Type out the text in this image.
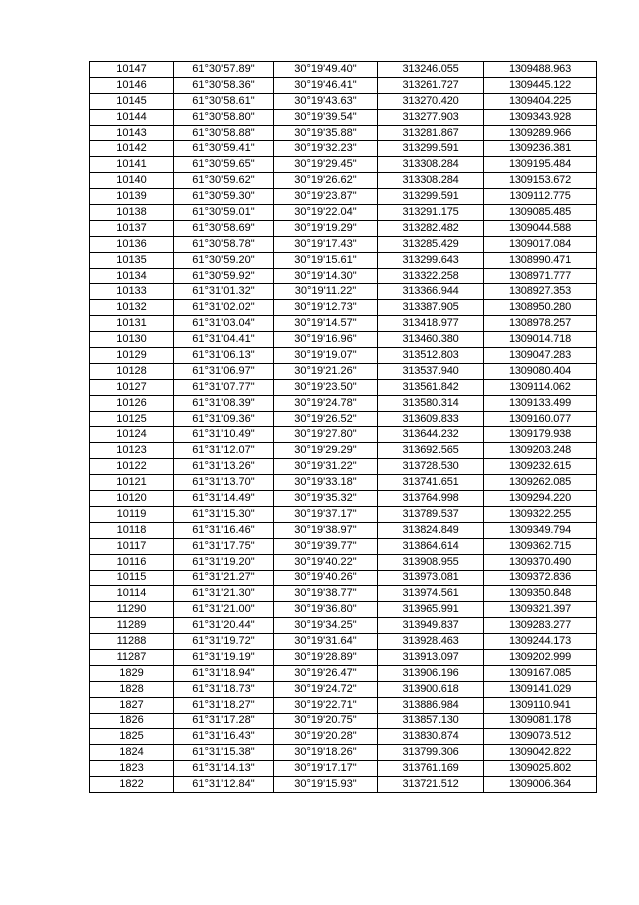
10147	61°30'57.89"	30°19'49.40"	313246.055	1309488.963
10146	61°30'58.36"	30°19'46.41"	313261.727	1309445.122
10145	61°30'58.61"	30°19'43.63"	313270.420	1309404.225
10144	61°30'58.80"	30°19'39.54"	313277.903	1309343.928
10143	61°30'58.88"	30°19'35.88"	313281.867	1309289.966
10142	61°30'59.41"	30°19'32.23"	313299.591	1309236.381
10141	61°30'59.65"	30°19'29.45"	313308.284	1309195.484
10140	61°30'59.62"	30°19'26.62"	313308.284	1309153.672
10139	61°30'59.30"	30°19'23.87"	313299.591	1309112.775
10138	61°30'59.01"	30°19'22.04"	313291.175	1309085.485
10137	61°30'58.69"	30°19'19.29"	313282.482	1309044.588
10136	61°30'58.78"	30°19'17.43"	313285.429	1309017.084
10135	61°30'59.20"	30°19'15.61"	313299.643	1308990.471
10134	61°30'59.92"	30°19'14.30"	313322.258	1308971.777
10133	61°31'01.32"	30°19'11.22"	313366.944	1308927.353
10132	61°31'02.02"	30°19'12.73"	313387.905	1308950.280
10131	61°31'03.04"	30°19'14.57"	313418.977	1308978.257
10130	61°31'04.41"	30°19'16.96"	313460.380	1309014.718
10129	61°31'06.13"	30°19'19.07"	313512.803	1309047.283
10128	61°31'06.97"	30°19'21.26"	313537.940	1309080.404
10127	61°31'07.77"	30°19'23.50"	313561.842	1309114.062
10126	61°31'08.39"	30°19'24.78"	313580.314	1309133.499
10125	61°31'09.36"	30°19'26.52"	313609.833	1309160.077
10124	61°31'10.49"	30°19'27.80"	313644.232	1309179.938
10123	61°31'12.07"	30°19'29.29"	313692.565	1309203.248
10122	61°31'13.26"	30°19'31.22"	313728.530	1309232.615
10121	61°31'13.70"	30°19'33.18"	313741.651	1309262.085
10120	61°31'14.49"	30°19'35.32"	313764.998	1309294.220
10119	61°31'15.30"	30°19'37.17"	313789.537	1309322.255
10118	61°31'16.46"	30°19'38.97"	313824.849	1309349.794
10117	61°31'17.75"	30°19'39.77"	313864.614	1309362.715
10116	61°31'19.20"	30°19'40.22"	313908.955	1309370.490
10115	61°31'21.27"	30°19'40.26"	313973.081	1309372.836
10114	61°31'21.30"	30°19'38.77"	313974.561	1309350.848
11290	61°31'21.00"	30°19'36.80"	313965.991	1309321.397
11289	61°31'20.44"	30°19'34.25"	313949.837	1309283.277
11288	61°31'19.72"	30°19'31.64"	313928.463	1309244.173
11287	61°31'19.19"	30°19'28.89"	313913.097	1309202.999
1829	61°31'18.94"	30°19'26.47"	313906.196	1309167.085
1828	61°31'18.73"	30°19'24.72"	313900.618	1309141.029
1827	61°31'18.27"	30°19'22.71"	313886.984	1309110.941
1826	61°31'17.28"	30°19'20.75"	313857.130	1309081.178
1825	61°31'16.43"	30°19'20.28"	313830.874	1309073.512
1824	61°31'15.38"	30°19'18.26"	313799.306	1309042.822
1823	61°31'14.13"	30°19'17.17"	313761.169	1309025.802
1822	61°31'12.84"	30°19'15.93"	313721.512	1309006.364
